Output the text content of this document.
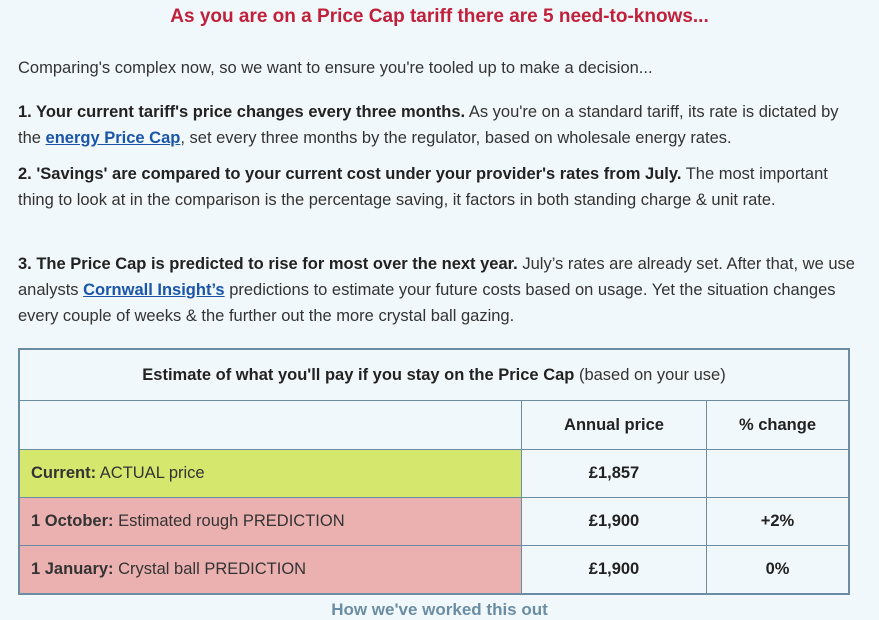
As you are on a Price Cap tariff there are 5 need-to-knows...

Comparing's complex now, so we want to ensure you're tooled up to make a decision...

1. Your current tariff's price changes every three months. As you're on a standard tariff, its rate is dictated by the energy Price Cap, set every three months by the regulator, based on wholesale energy rates.

2. 'Savings' are compared to your current cost under your provider's rates from July. The most important thing to look at in the comparison is the percentage saving, it factors in both standing charge & unit rate.

3. The Price Cap is predicted to rise for most over the next year. July’s rates are already set. After that, we use analysts Cornwall Insight’s predictions to estimate your future costs based on usage. Yet the situation changes every couple of weeks & the further out the more crystal ball gazing.

Estimate of what you'll pay if you stay on the Price Cap (based on your use)		
	Annual price	% change
Current: ACTUAL price	£1,857	
1 October: Estimated rough PREDICTION	£1,900	+2%
1 January: Crystal ball PREDICTION	£1,900	0%
How we've worked this out
